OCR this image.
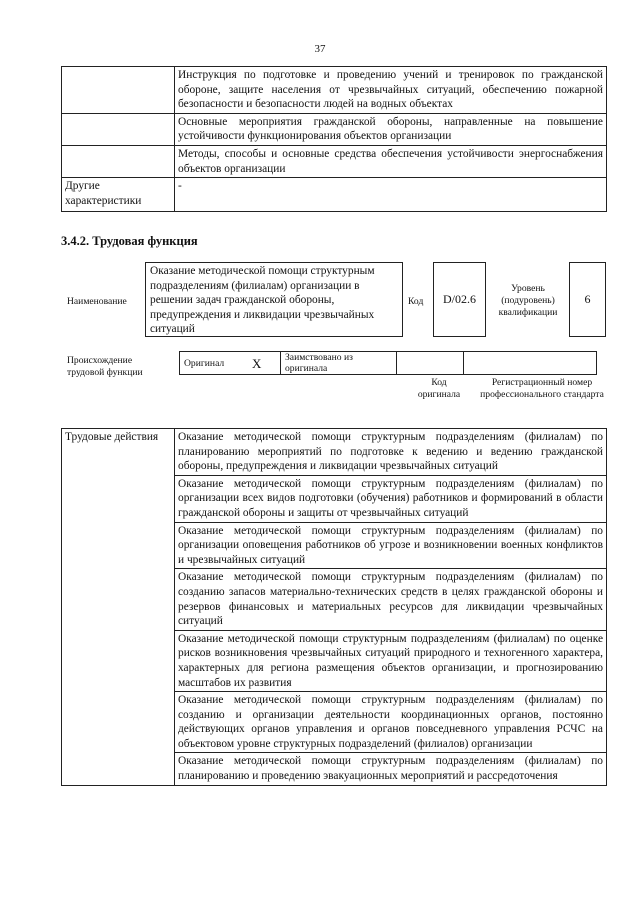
37
	Инструкция по подготовке и проведению учений и тренировок по гражданской обороне, защите населения от чрезвычайных ситуаций, обеспечению пожарной безопасности и безопасности людей на водных объектах
	Основные мероприятия гражданской обороны, направленные на повышение устойчивости функционирования объектов организации
	Методы, способы и основные средства обеспечения устойчивости энергоснабжения объектов организации
Другие характеристики	-
3.4.2. Трудовая функция
Наименование
Оказание методической помощи структурным подразделениям (филиалам) организации в решении задач гражданской обороны, предупреждения и ликвидации чрезвычайных ситуаций
Код	D/02.6
Уровень (подуровень) квалификации
6
Происхождение трудовой функции
Оригинал	X	Заимствовано из оригинала		
Код оригинала
Регистрационный номер профессионального стандарта
Трудовые действия	Оказание методической помощи структурным подразделениям (филиалам) по планированию мероприятий по подготовке к ведению и ведению гражданской обороны, предупреждения и ликвидации чрезвычайных ситуаций
Оказание методической помощи структурным подразделениям (филиалам) по организации всех видов подготовки (обучения) работников и формирований в области гражданской обороны и защиты от чрезвычайных ситуаций
Оказание методической помощи структурным подразделениям (филиалам) по организации оповещения работников об угрозе и возникновении военных конфликтов и чрезвычайных ситуаций
Оказание методической помощи структурным подразделениям (филиалам) по созданию запасов материально-технических средств в целях гражданской обороны и резервов финансовых и материальных ресурсов для ликвидации чрезвычайных ситуаций
Оказание методической помощи структурным подразделениям (филиалам) по оценке рисков возникновения чрезвычайных ситуаций природного и техногенного характера, характерных для региона размещения объектов организации, и прогнозированию масштабов их развития
Оказание методической помощи структурным подразделениям (филиалам) по созданию и организации деятельности координационных органов, постоянно действующих органов управления и органов повседневного управления РСЧС на объектовом уровне структурных подразделений (филиалов) организации
Оказание методической помощи структурным подразделениям (филиалам) по планированию и проведению эвакуационных мероприятий и рассредоточения
